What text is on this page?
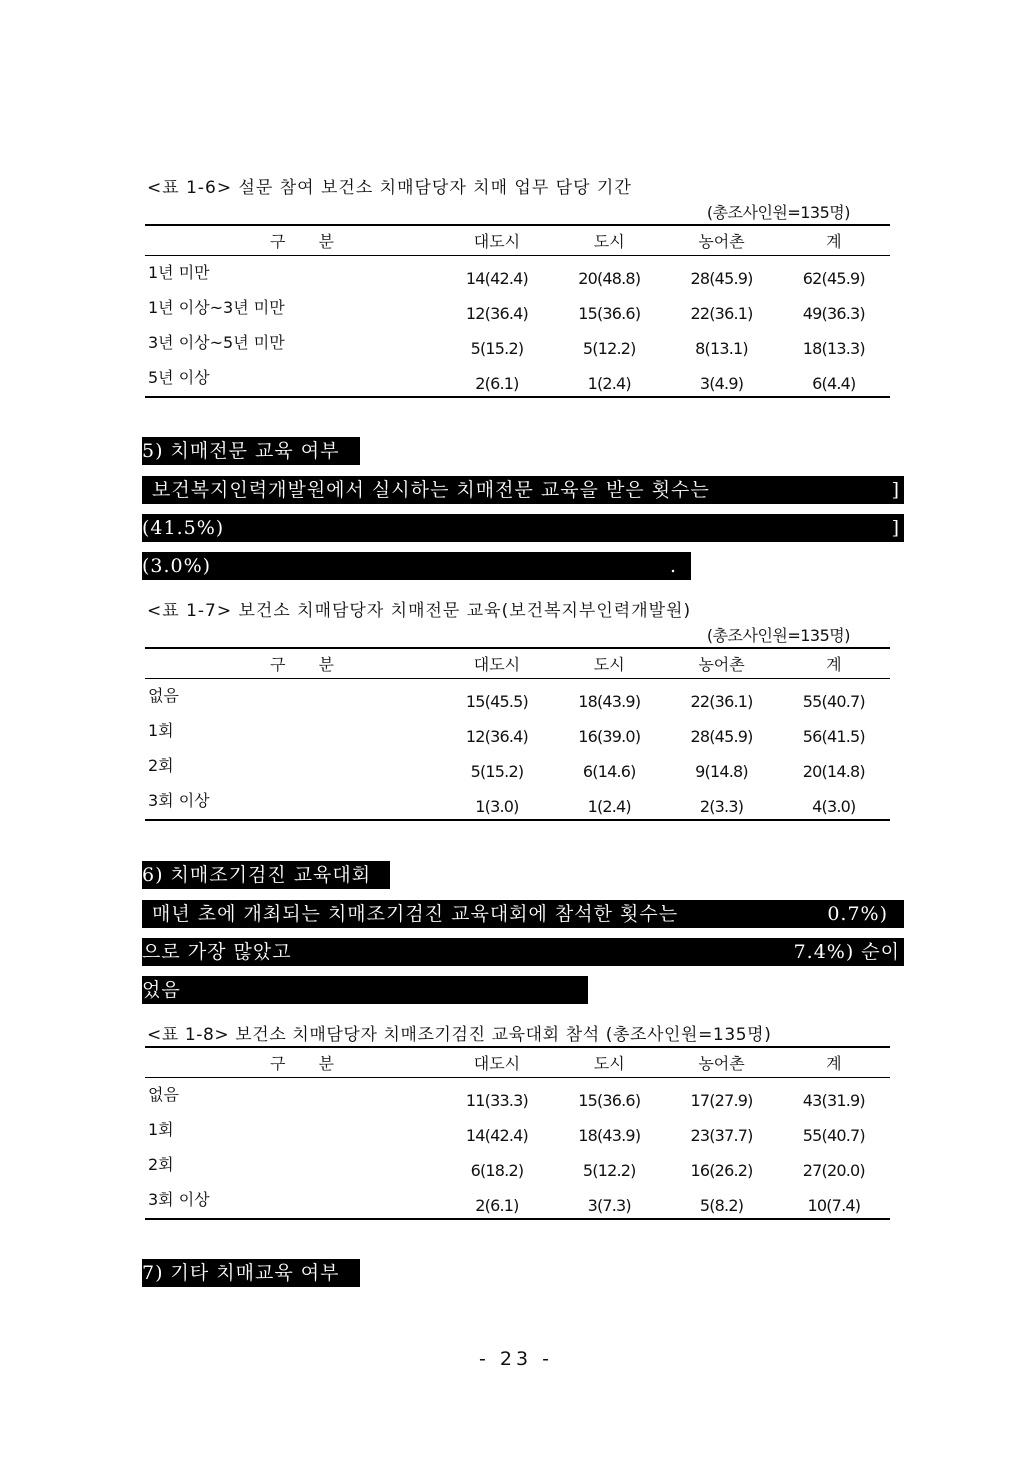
<표 1-6> 설문 참여 보건소 치매담당자 치매 업무 담당 기간
(총조사인원=135명)
구 분	대도시	도시	농어촌	계
1년 미만	14(42.4)	20(48.8)	28(45.9)	62(45.9)
1년 이상~3년 미만	12(36.4)	15(36.6)	22(36.1)	49(36.3)
3년 이상~5년 미만	5(15.2)	5(12.2)	8(13.1)	18(13.3)
5년 이상	2(6.1)	1(2.4)	3(4.9)	6(4.4)
5) 치매전문 교육 여부
보건복지인력개발원에서 실시하는 치매전문 교육을 받은 횟수는	]
(41.5%)	]
(3.0%)	.
<표 1-7> 보건소 치매담당자 치매전문 교육(보건복지부인력개발원)
(총조사인원=135명)
구 분	대도시	도시	농어촌	계
없음	15(45.5)	18(43.9)	22(36.1)	55(40.7)
1회	12(36.4)	16(39.0)	28(45.9)	56(41.5)
2회	5(15.2)	6(14.6)	9(14.8)	20(14.8)
3회 이상	1(3.0)	1(2.4)	2(3.3)	4(3.0)
6) 치매조기검진 교육대회
매년 초에 개최되는 치매조기검진 교육대회에 참석한 횟수는	0.7%)
으로 가장 많았고	7.4%) 순이
었음
<표 1-8> 보건소 치매담당자 치매조기검진 교육대회 참석 (총조사인원=135명)
구 분	대도시	도시	농어촌	계
없음	11(33.3)	15(36.6)	17(27.9)	43(31.9)
1회	14(42.4)	18(43.9)	23(37.7)	55(40.7)
2회	6(18.2)	5(12.2)	16(26.2)	27(20.0)
3회 이상	2(6.1)	3(7.3)	5(8.2)	10(7.4)
7) 기타 치매교육 여부
- 23 -
